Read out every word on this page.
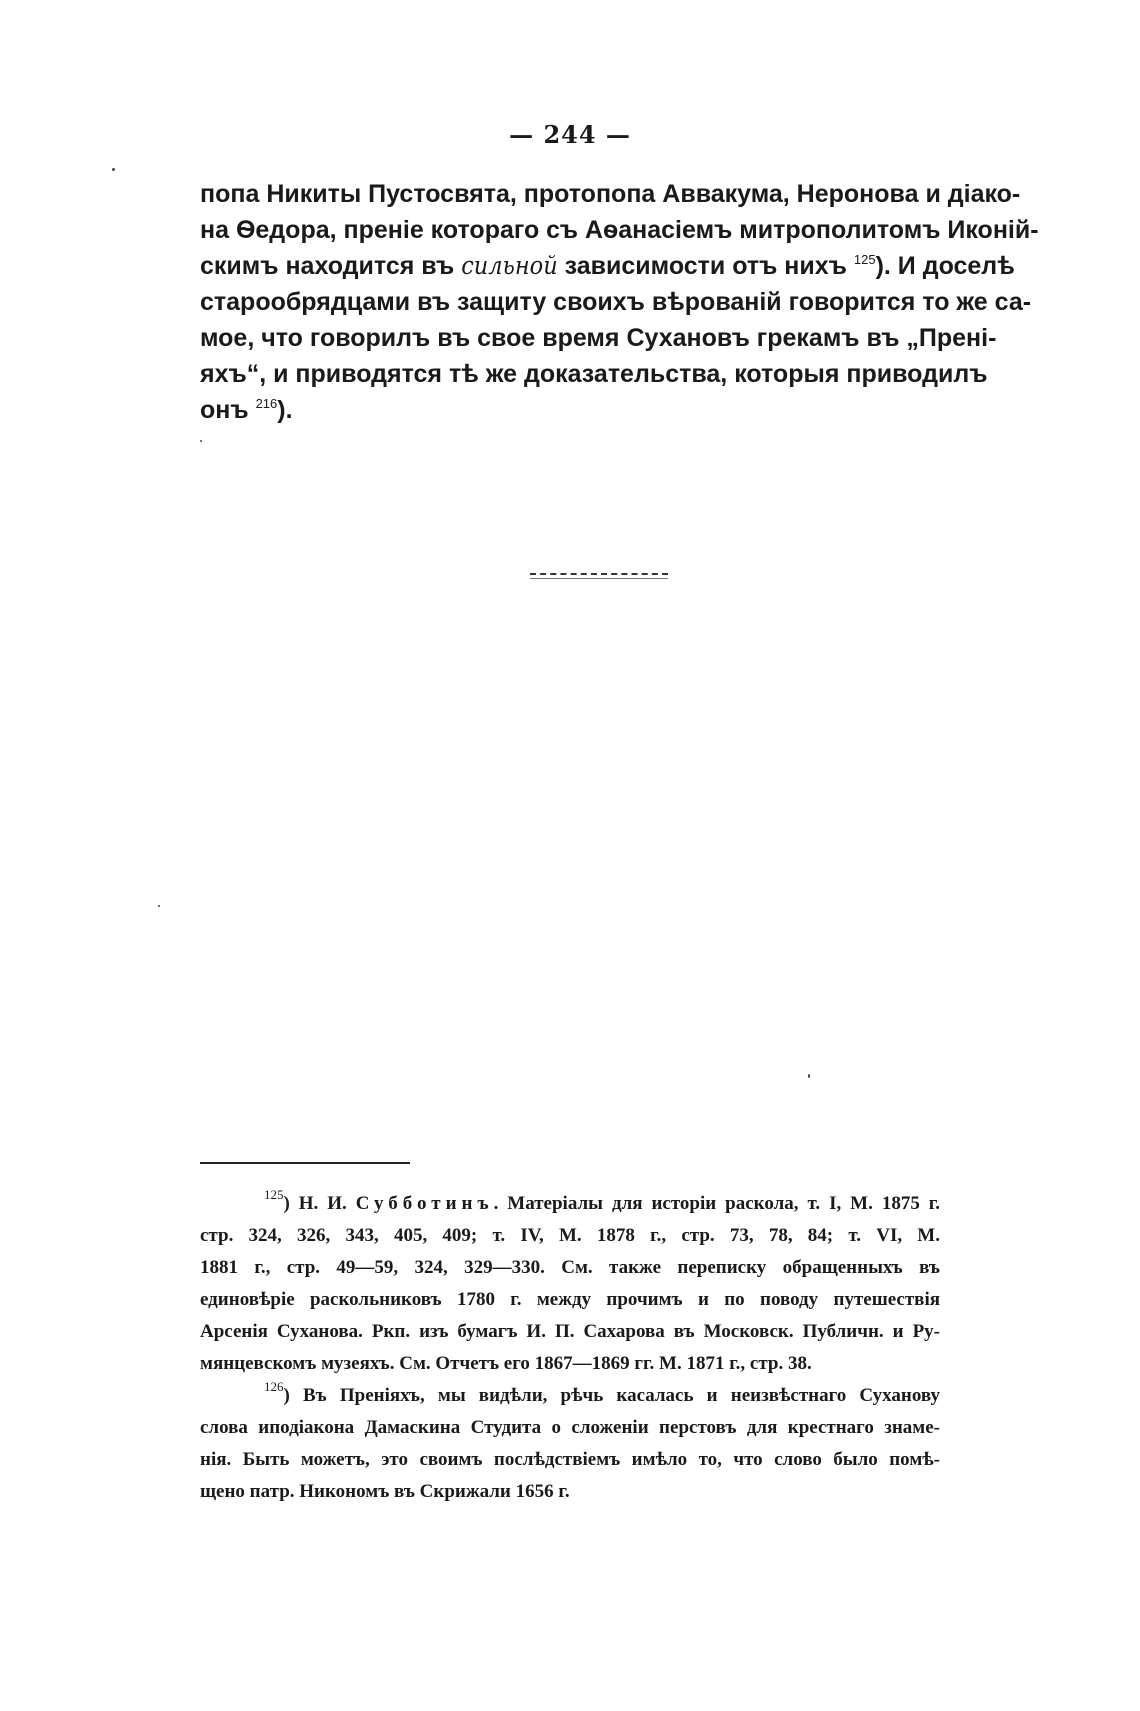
— 244 —
попа Никиты Пустосвята, протопопа Аввакума, Неронова и діако-
на Ѳедора, преніе котораго съ Аѳанасіемъ митрополитомъ Иконій-
скимъ находится въ сильной зависимости отъ нихъ $^{125}$). И доселѣ
старообрядцами въ защиту своихъ вѣрованій говорится то же са-
мое, что говорилъ въ свое время Сухановъ грекамъ въ „Прені-
яхъ“, и приводятся тѣ же доказательства, которыя приводилъ
онъ $^{216}$).
$^{125}$) Н. И. Субботинъ. Матеріалы для исторіи раскола, т. I, М. 1875 г.
стр. 324, 326, 343, 405, 409; т. IV, М. 1878 г., стр. 73, 78, 84; т. VI, М.
1881 г., стр. 49—59, 324, 329—330. См. также переписку обращенныхъ въ
единовѣріе раскольниковъ 1780 г. между прочимъ и по поводу путешествія
Арсенія Суханова. Ркп. изъ бумагъ И. П. Сахарова въ Московск. Публичн. и Ру-
мянцевскомъ музеяхъ. См. Отчетъ его 1867—1869 гг. М. 1871 г., стр. 38.
$^{126}$) Въ Преніяхъ, мы видѣли, рѣчь касалась и неизвѣстнаго Суханову
слова иподіакона Дамаскина Студита о сложеніи перстовъ для крестнаго знаме-
нія. Быть можетъ, это своимъ послѣдствіемъ имѣло то, что слово было помѣ-
щено патр. Никономъ въ Скрижали 1656 г.
